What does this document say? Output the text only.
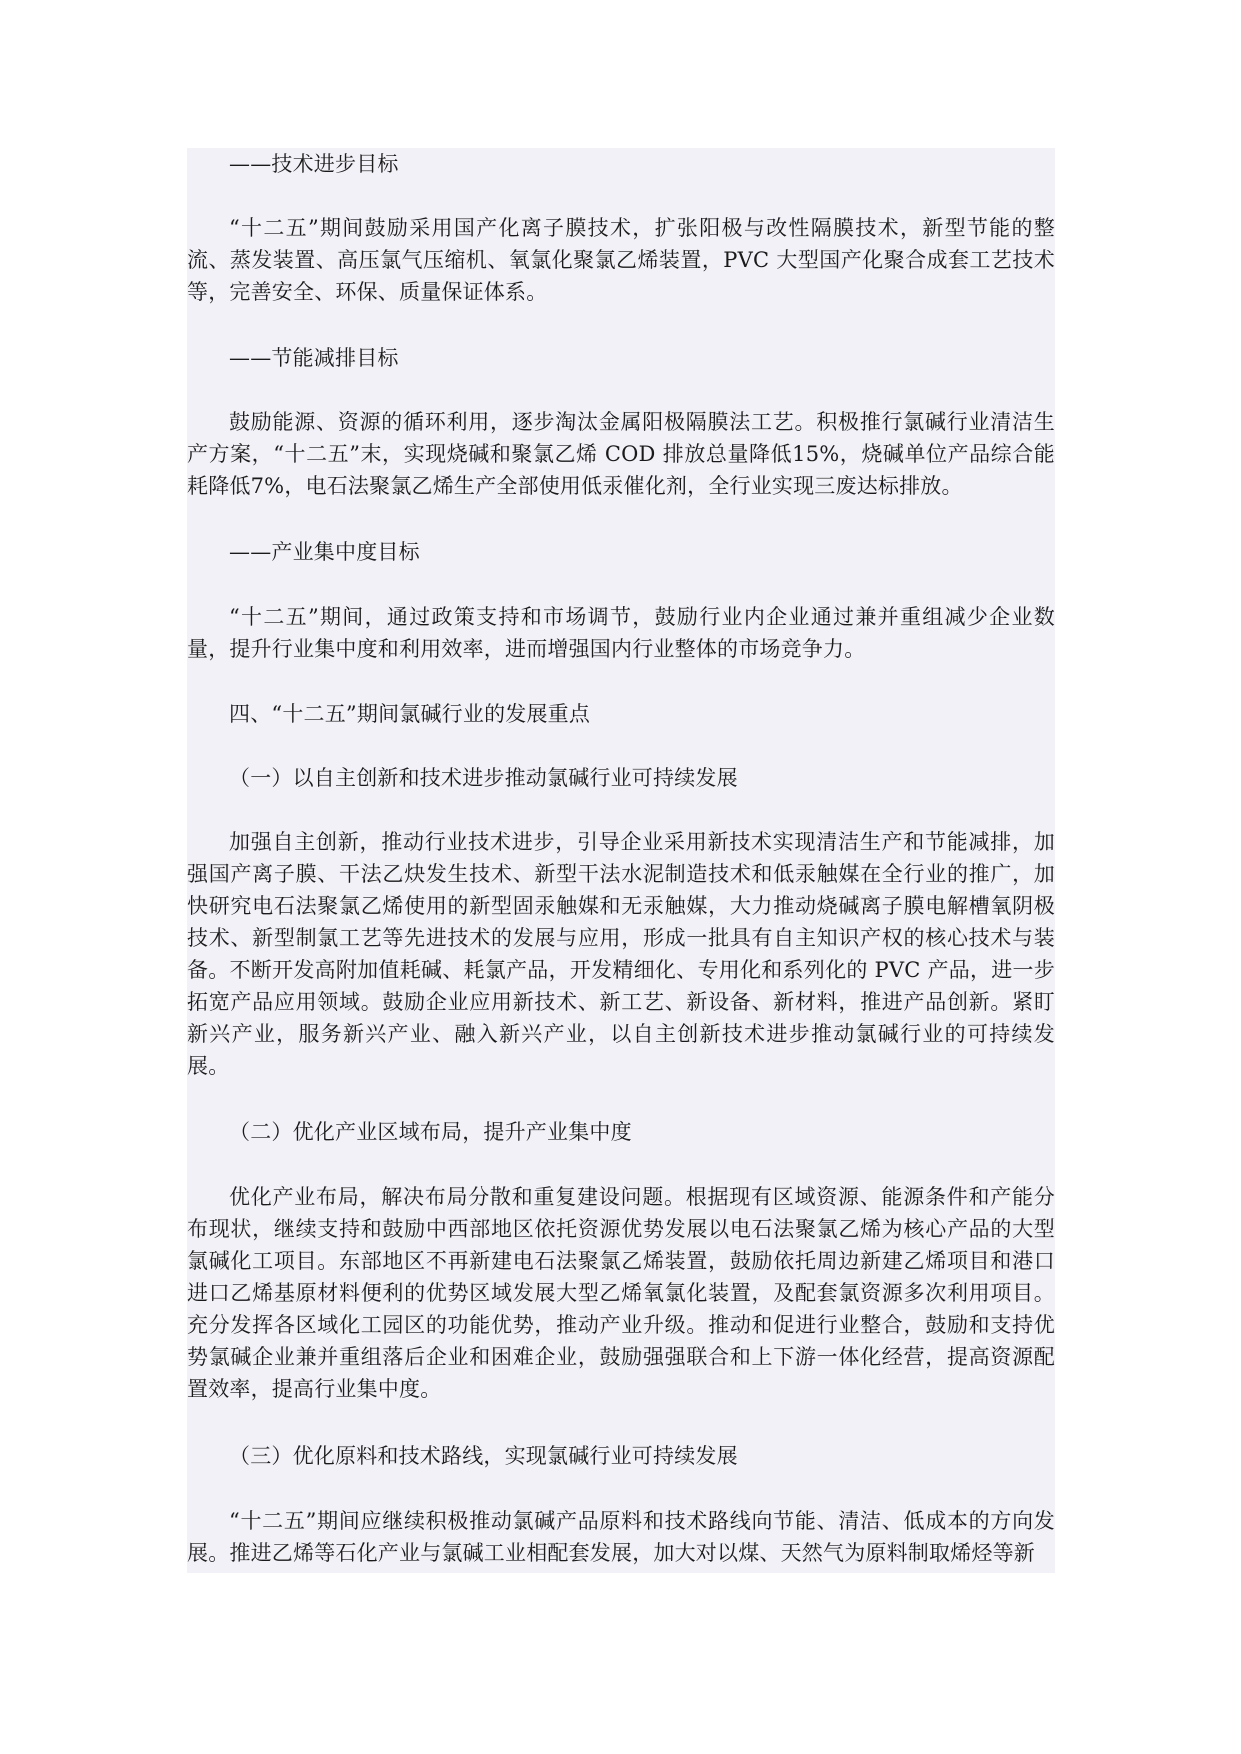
——技术进步目标

“十二五”期间鼓励采用国产化离子膜技术，扩张阳极与改性隔膜技术，新型节能的整流、蒸发装置、高压氯气压缩机、氧氯化聚氯乙烯装置，PVC 大型国产化聚合成套工艺技术等，完善安全、环保、质量保证体系。

——节能减排目标

鼓励能源、资源的循环利用，逐步淘汰金属阳极隔膜法工艺。积极推行氯碱行业清洁生产方案，“十二五”末，实现烧碱和聚氯乙烯 COD 排放总量降低15%，烧碱单位产品综合能耗降低7%，电石法聚氯乙烯生产全部使用低汞催化剂，全行业实现三废达标排放。

——产业集中度目标

“十二五”期间，通过政策支持和市场调节，鼓励行业内企业通过兼并重组减少企业数量，提升行业集中度和利用效率，进而增强国内行业整体的市场竞争力。

四、“十二五”期间氯碱行业的发展重点

（一）以自主创新和技术进步推动氯碱行业可持续发展

加强自主创新，推动行业技术进步，引导企业采用新技术实现清洁生产和节能减排，加强国产离子膜、干法乙炔发生技术、新型干法水泥制造技术和低汞触媒在全行业的推广，加快研究电石法聚氯乙烯使用的新型固汞触媒和无汞触媒，大力推动烧碱离子膜电解槽氧阴极技术、新型制氯工艺等先进技术的发展与应用，形成一批具有自主知识产权的核心技术与装备。不断开发高附加值耗碱、耗氯产品，开发精细化、专用化和系列化的 PVC 产品，进一步拓宽产品应用领域。鼓励企业应用新技术、新工艺、新设备、新材料，推进产品创新。紧盯新兴产业，服务新兴产业、融入新兴产业，以自主创新技术进步推动氯碱行业的可持续发展。

（二）优化产业区域布局，提升产业集中度

优化产业布局，解决布局分散和重复建设问题。根据现有区域资源、能源条件和产能分布现状，继续支持和鼓励中西部地区依托资源优势发展以电石法聚氯乙烯为核心产品的大型氯碱化工项目。东部地区不再新建电石法聚氯乙烯装置，鼓励依托周边新建乙烯项目和港口进口乙烯基原材料便利的优势区域发展大型乙烯氧氯化装置，及配套氯资源多次利用项目。充分发挥各区域化工园区的功能优势，推动产业升级。推动和促进行业整合，鼓励和支持优势氯碱企业兼并重组落后企业和困难企业，鼓励强强联合和上下游一体化经营，提高资源配置效率，提高行业集中度。

（三）优化原料和技术路线，实现氯碱行业可持续发展

“十二五”期间应继续积极推动氯碱产品原料和技术路线向节能、清洁、低成本的方向发展。推进乙烯等石化产业与氯碱工业相配套发展，加大对以煤、天然气为原料制取烯烃等新
